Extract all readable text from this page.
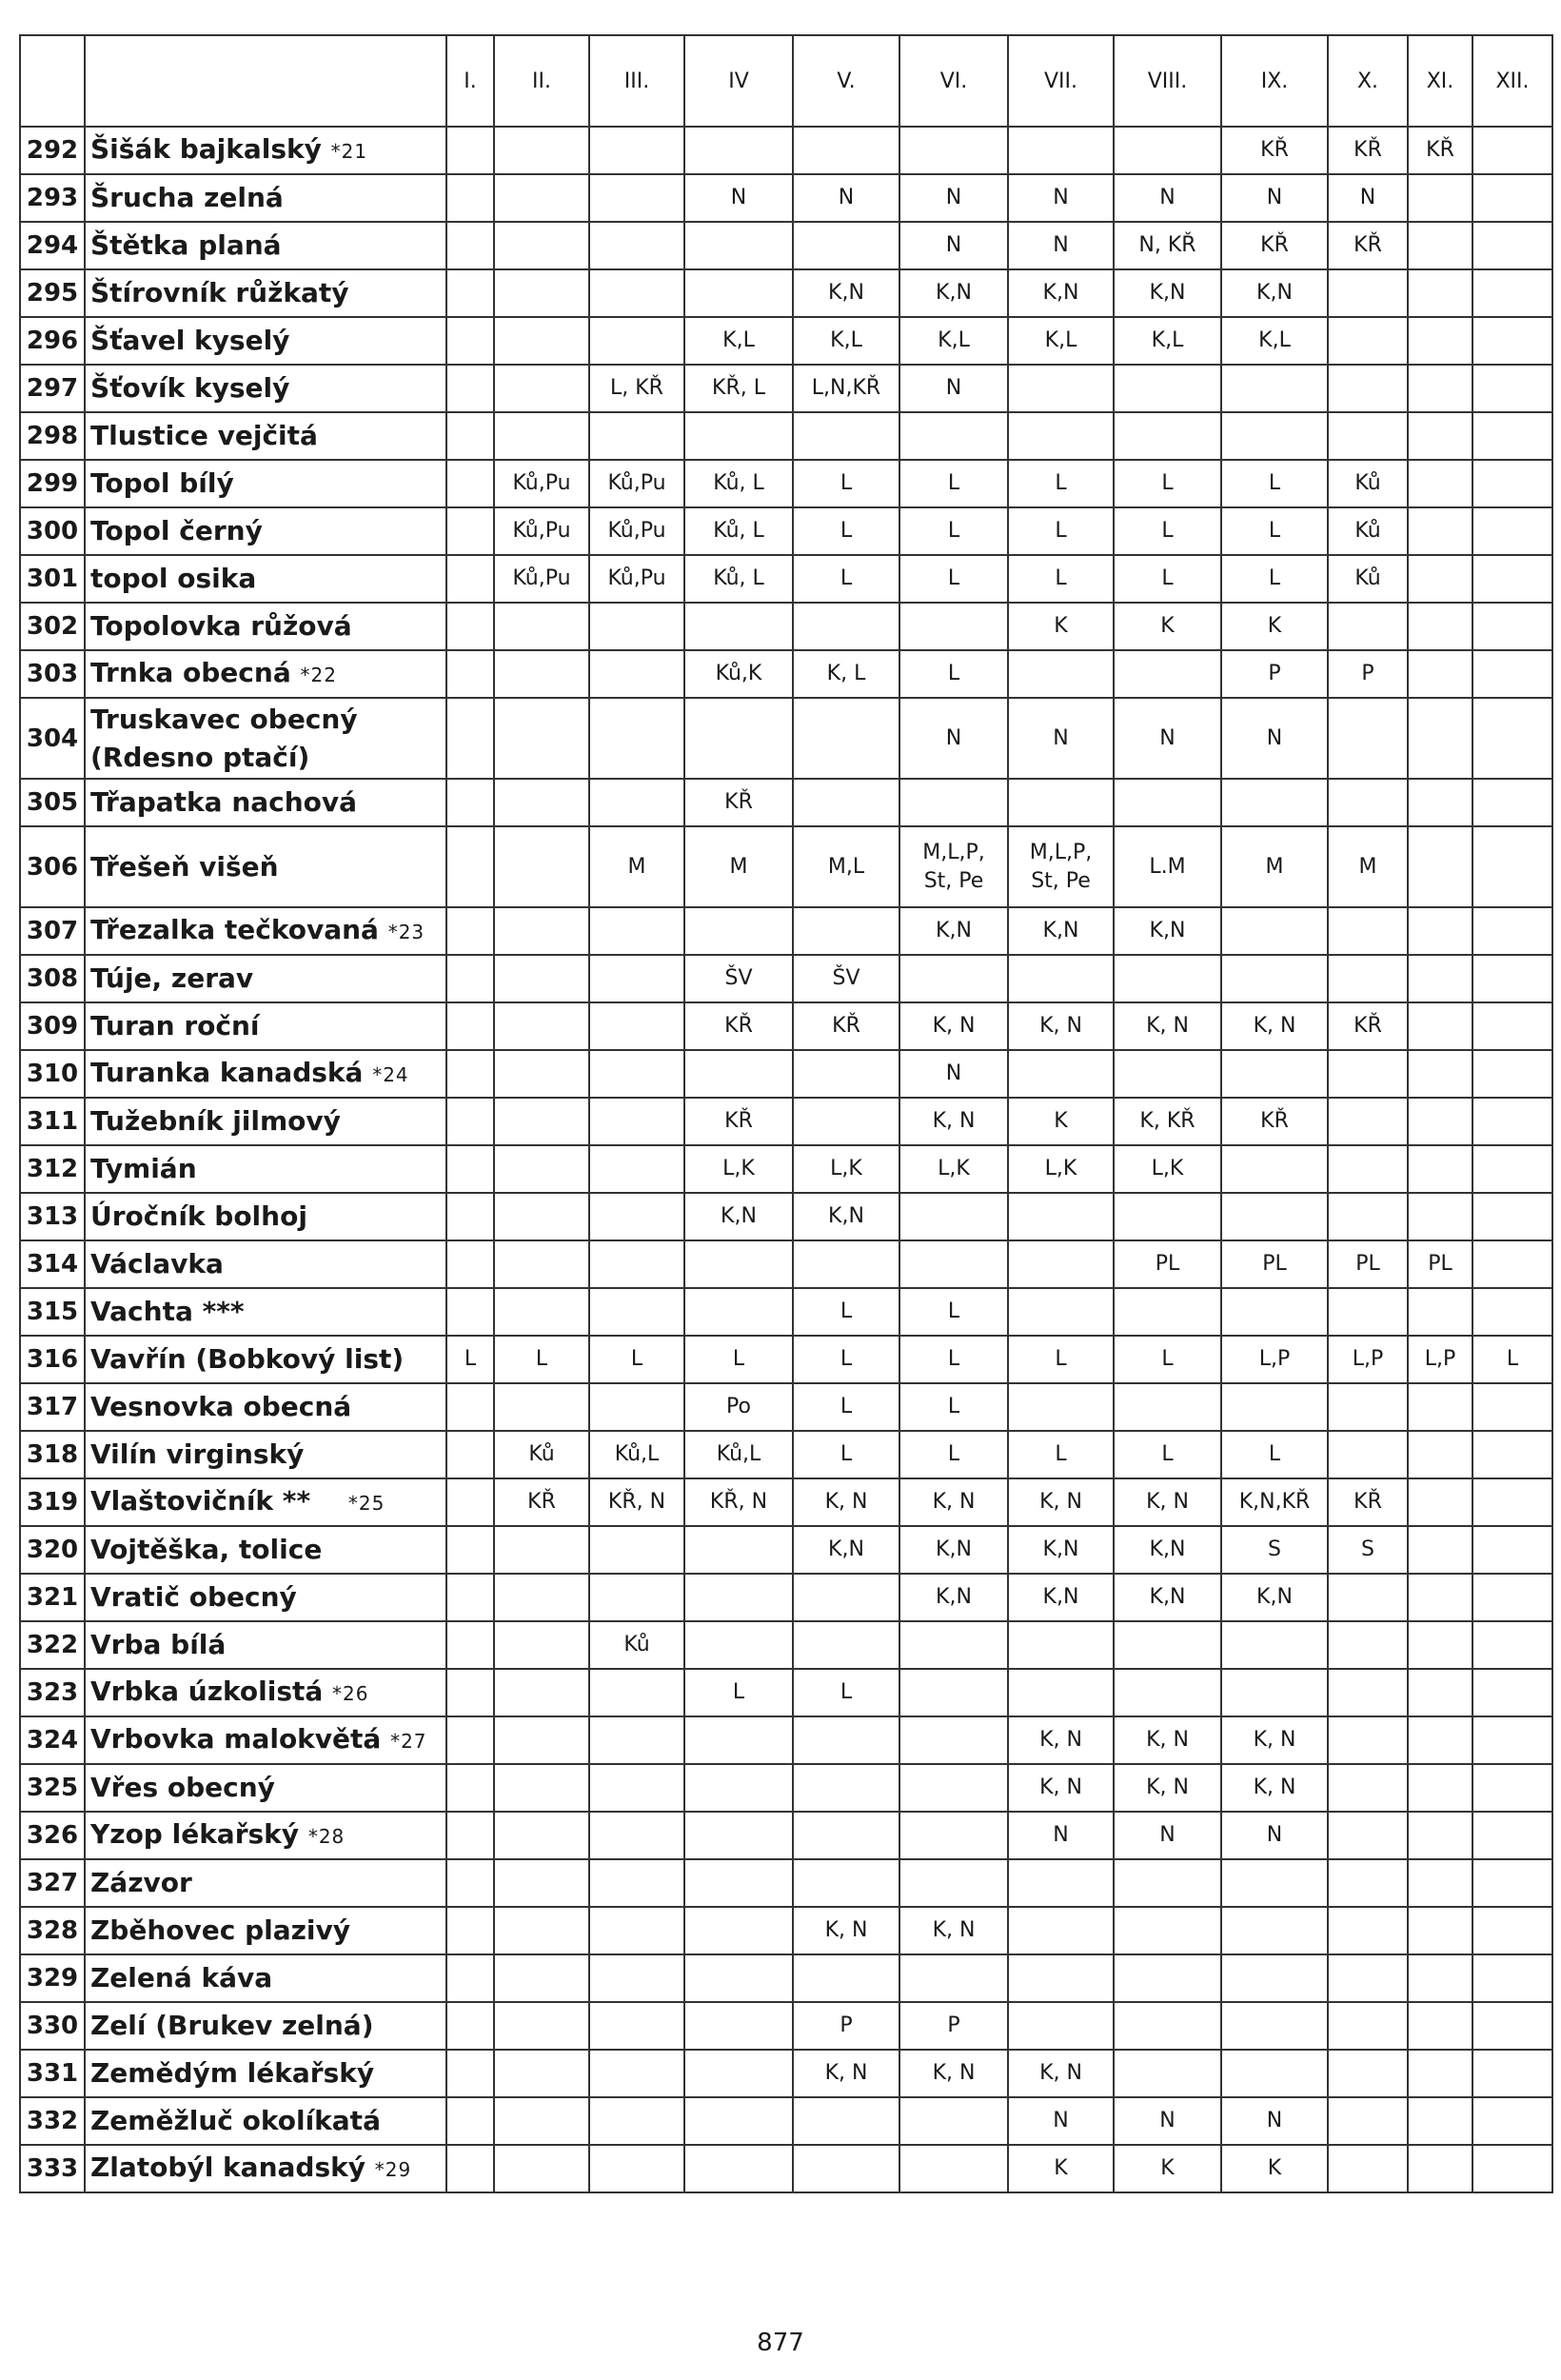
		I.	II.	III.	IV	V.	VI.	VII.	VIII.	IX.	X.	XI.	XII.
292	Šišák bajkalský *21									KŘ	KŘ	KŘ	
293	Šrucha zelná				N	N	N	N	N	N	N		
294	Štětka planá						N	N	N, KŘ	KŘ	KŘ		
295	Štírovník růžkatý					K,N	K,N	K,N	K,N	K,N			
296	Šťavel kyselý				K,L	K,L	K,L	K,L	K,L	K,L			
297	Šťovík kyselý			L, KŘ	KŘ, L	L,N,KŘ	N						
298	Tlustice vejčitá												
299	Topol bílý		Ků,Pu	Ků,Pu	Ků, L	L	L	L	L	L	Ků		
300	Topol černý		Ků,Pu	Ků,Pu	Ků, L	L	L	L	L	L	Ků		
301	topol osika		Ků,Pu	Ků,Pu	Ků, L	L	L	L	L	L	Ků		
302	Topolovka růžová							K	K	K			
303	Trnka obecná *22				Ků,K	K, L	L			P	P		
304	Truskavec obecný
(Rdesno ptačí)						N	N	N	N			
305	Třapatka nachová				KŘ								
306	Třešeň višeň			M	M	M,L	M,L,P,
St, Pe	M,L,P,
St, Pe	L.M	M	M		
307	Třezalka tečkovaná *23						K,N	K,N	K,N				
308	Túje, zerav				ŠV	ŠV							
309	Turan roční				KŘ	KŘ	K, N	K, N	K, N	K, N	KŘ		
310	Turanka kanadská *24						N						
311	Tužebník jilmový				KŘ		K, N	K	K, KŘ	KŘ			
312	Tymián				L,K	L,K	L,K	L,K	L,K				
313	Úročník bolhoj				K,N	K,N							
314	Václavka								PL	PL	PL	PL	
315	Vachta ***					L	L						
316	Vavřín (Bobkový list)	L	L	L	L	L	L	L	L	L,P	L,P	L,P	L
317	Vesnovka obecná				Po	L	L						
318	Vilín virginský		Ků	Ků,L	Ků,L	L	L	L	L	L			
319	Vlaštovičník ** *25		KŘ	KŘ, N	KŘ, N	K, N	K, N	K, N	K, N	K,N,KŘ	KŘ		
320	Vojtěška, tolice					K,N	K,N	K,N	K,N	S	S		
321	Vratič obecný						K,N	K,N	K,N	K,N			
322	Vrba bílá			Ků									
323	Vrbka úzkolistá *26				L	L							
324	Vrbovka malokvětá *27							K, N	K, N	K, N			
325	Vřes obecný							K, N	K, N	K, N			
326	Yzop lékařský *28							N	N	N			
327	Zázvor												
328	Zběhovec plazivý					K, N	K, N						
329	Zelená káva												
330	Zelí (Brukev zelná)					P	P						
331	Zemědým lékařský					K, N	K, N	K, N					
332	Zeměžluč okolíkatá							N	N	N			
333	Zlatobýl kanadský *29							K	K	K			
877
